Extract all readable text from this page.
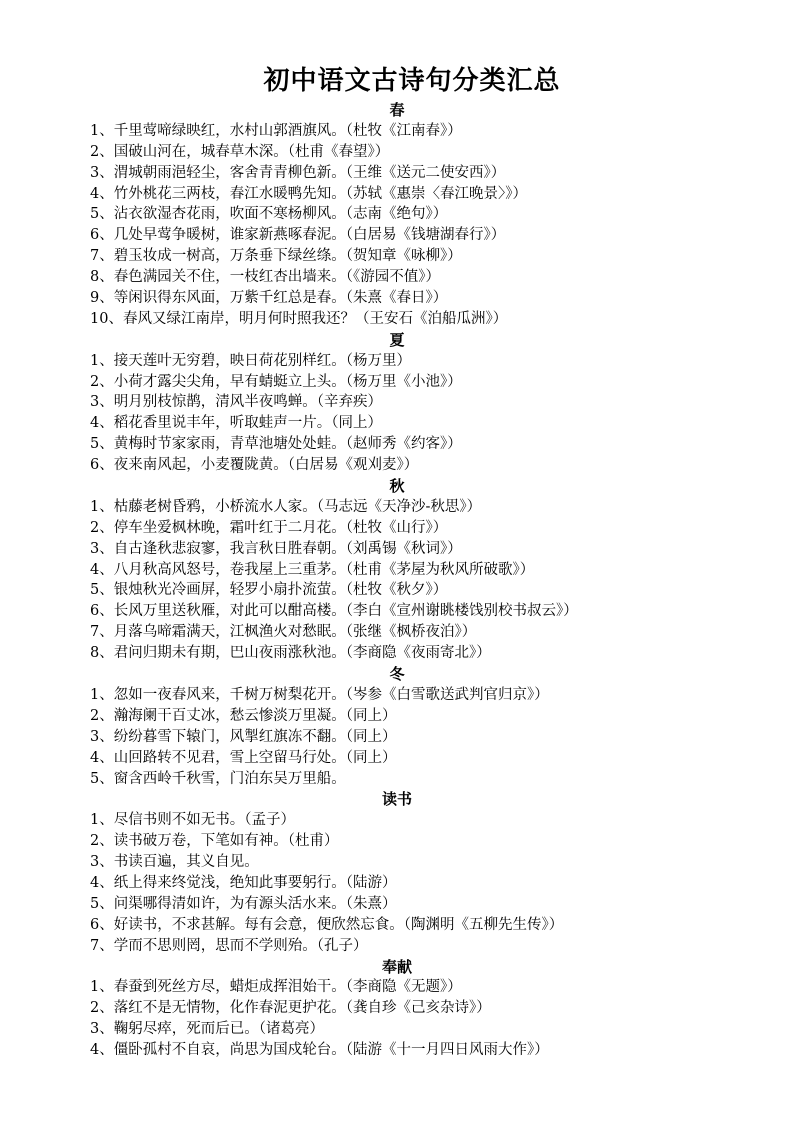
初中语文古诗句分类汇总
春
1、千里莺啼绿映红，水村山郭酒旗风。（杜牧《江南春》）
2、国破山河在，城春草木深。（杜甫《春望》）
3、渭城朝雨浥轻尘，客舍青青柳色新。（王维《送元二使安西》）
4、竹外桃花三两枝，春江水暖鸭先知。（苏轼《惠崇〈春江晚景〉》）
5、沾衣欲湿杏花雨，吹面不寒杨柳风。（志南《绝句》）
6、几处早莺争暖树，谁家新燕啄春泥。（白居易《钱塘湖春行》）
7、碧玉妆成一树高，万条垂下绿丝绦。（贺知章《咏柳》）
8、春色满园关不住，一枝红杏出墙来。（《游园不值》）
9、等闲识得东风面，万紫千红总是春。（朱熹《春日》）
10、春风又绿江南岸，明月何时照我还？（王安石《泊船瓜洲》）
夏
1、接天莲叶无穷碧，映日荷花别样红。（杨万里）
2、小荷才露尖尖角，早有蜻蜓立上头。（杨万里《小池》）
3、明月别枝惊鹊，清风半夜鸣蝉。（辛弃疾）
4、稻花香里说丰年，听取蛙声一片。（同上）
5、黄梅时节家家雨，青草池塘处处蛙。（赵师秀《约客》）
6、夜来南风起，小麦覆陇黄。（白居易《观刈麦》）
秋
1、枯藤老树昏鸦，小桥流水人家。（马志远《天净沙-秋思》）
2、停车坐爱枫林晚，霜叶红于二月花。（杜牧《山行》）
3、自古逢秋悲寂寥，我言秋日胜春朝。（刘禹锡《秋词》）
4、八月秋高风怒号，卷我屋上三重茅。（杜甫《茅屋为秋风所破歌》）
5、银烛秋光冷画屏，轻罗小扇扑流萤。（杜牧《秋夕》）
6、长风万里送秋雁，对此可以酣高楼。（李白《宣州谢眺楼饯别校书叔云》）
7、月落乌啼霜满天，江枫渔火对愁眠。（张继《枫桥夜泊》）
8、君问归期未有期，巴山夜雨涨秋池。（李商隐《夜雨寄北》）
冬
1、忽如一夜春风来，千树万树梨花开。（岑参《白雪歌送武判官归京》）
2、瀚海阑干百丈冰，愁云惨淡万里凝。（同上）
3、纷纷暮雪下辕门，风掣红旗冻不翻。（同上）
4、山回路转不见君，雪上空留马行处。（同上）
5、窗含西岭千秋雪，门泊东吴万里船。
读书
1、尽信书则不如无书。（孟子）
2、读书破万卷，下笔如有神。（杜甫）
3、书读百遍，其义自见。
4、纸上得来终觉浅，绝知此事要躬行。（陆游）
5、问渠哪得清如许，为有源头活水来。（朱熹）
6、好读书，不求甚解。每有会意，便欣然忘食。（陶渊明《五柳先生传》）
7、学而不思则罔，思而不学则殆。（孔子）
奉献
1、春蚕到死丝方尽，蜡炬成挥泪始干。（李商隐《无题》）
2、落红不是无情物，化作春泥更护花。（龚自珍《己亥杂诗》）
3、鞠躬尽瘁，死而后已。（诸葛亮）
4、僵卧孤村不自哀，尚思为国戍轮台。（陆游《十一月四日风雨大作》）
